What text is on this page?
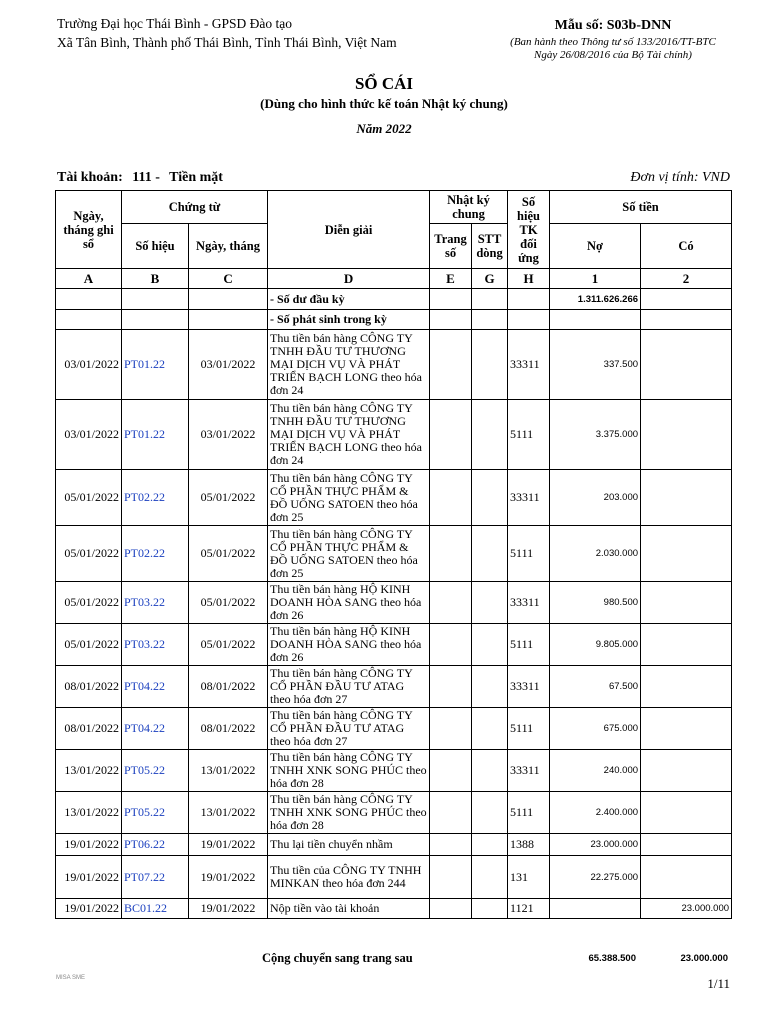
Trường Đại học Thái Bình - GPSD Đào tạo
Xã Tân Bình, Thành phố Thái Bình, Tỉnh Thái Bình, Việt Nam
Mẫu số: S03b-DNN
(Ban hành theo Thông tư số 133/2016/TT-BTC
Ngày 26/08/2016 của Bộ Tài chính)
SỔ CÁI
(Dùng cho hình thức kế toán Nhật ký chung)
Năm 2022
Tài khoản: 111 - Tiền mặt	Đơn vị tính: VND
Ngày, tháng ghi sổ	Chứng từ		Diễn giải	Nhật ký chung		Số hiệu TK đối ứng	Số tiền	
	Số hiệu	Ngày, tháng		Trang số	STT dòng		Nợ	Có
A	B	C	D	E	G	H	1	2
			- Số dư đầu kỳ				1.311.626.266	
			- Số phát sinh trong kỳ					
03/01/2022	PT01.22	03/01/2022	Thu tiền bán hàng CÔNG TY TNHH ĐẦU TƯ THƯƠNG MẠI DỊCH VỤ VÀ PHÁT TRIỂN BẠCH LONG theo hóa đơn 24			33311	337.500	
03/01/2022	PT01.22	03/01/2022	Thu tiền bán hàng CÔNG TY TNHH ĐẦU TƯ THƯƠNG MẠI DỊCH VỤ VÀ PHÁT TRIỂN BẠCH LONG theo hóa đơn 24			5111	3.375.000	
05/01/2022	PT02.22	05/01/2022	Thu tiền bán hàng CÔNG TY CỔ PHẦN THỰC PHẨM & ĐỒ UỐNG SATOEN theo hóa đơn 25			33311	203.000	
05/01/2022	PT02.22	05/01/2022	Thu tiền bán hàng CÔNG TY CỔ PHẦN THỰC PHẨM & ĐỒ UỐNG SATOEN theo hóa đơn 25			5111	2.030.000	
05/01/2022	PT03.22	05/01/2022	Thu tiền bán hàng HỘ KINH DOANH HÒA SANG theo hóa đơn 26			33311	980.500	
05/01/2022	PT03.22	05/01/2022	Thu tiền bán hàng HỘ KINH DOANH HÒA SANG theo hóa đơn 26			5111	9.805.000	
08/01/2022	PT04.22	08/01/2022	Thu tiền bán hàng CÔNG TY CỔ PHẦN ĐẦU TƯ ATAG theo hóa đơn 27			33311	67.500	
08/01/2022	PT04.22	08/01/2022	Thu tiền bán hàng CÔNG TY CỔ PHẦN ĐẦU TƯ ATAG theo hóa đơn 27			5111	675.000	
13/01/2022	PT05.22	13/01/2022	Thu tiền bán hàng CÔNG TY TNHH XNK SONG PHÚC theo hóa đơn 28			33311	240.000	
13/01/2022	PT05.22	13/01/2022	Thu tiền bán hàng CÔNG TY TNHH XNK SONG PHÚC theo hóa đơn 28			5111	2.400.000	
19/01/2022	PT06.22	19/01/2022	Thu lại tiền chuyển nhầm			1388	23.000.000	
19/01/2022	PT07.22	19/01/2022	Thu tiền của CÔNG TY TNHH MINKAN theo hóa đơn 244			131	22.275.000	
19/01/2022	BC01.22	19/01/2022	Nộp tiền vào tài khoản			1121		23.000.000
Cộng chuyển sang trang sau	65.388.500	23.000.000
MISA SME	1/11
